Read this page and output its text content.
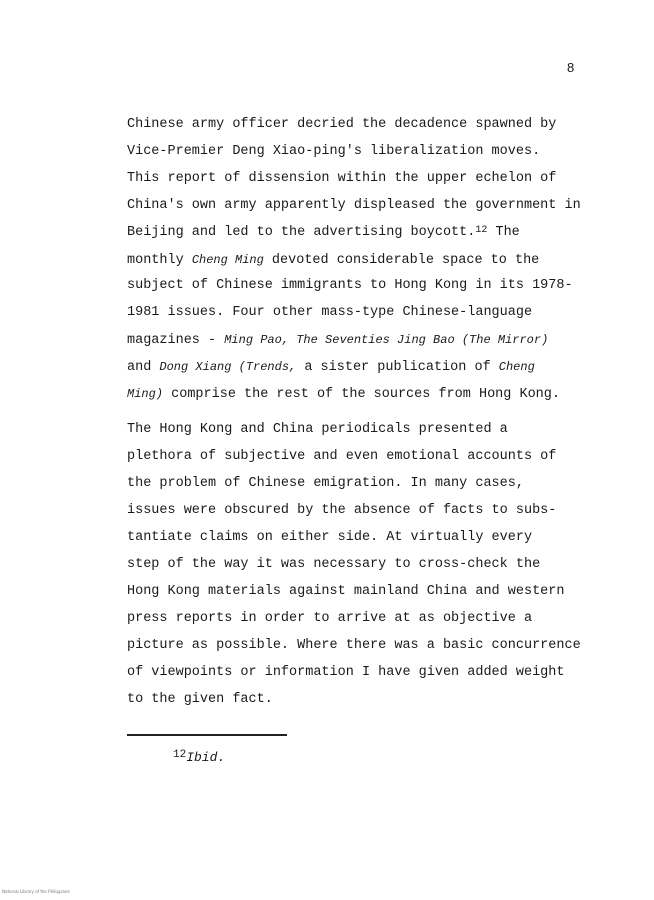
8
Chinese army officer decried the decadence spawned by
Vice-Premier Deng Xiao-ping's liberalization moves.
This report of dissension within the upper echelon of
China's own army apparently displeased the government in
Beijing and led to the advertising boycott.$^{12}$ The
monthly Cheng Ming devoted considerable space to the
subject of Chinese immigrants to Hong Kong in its 1978-
1981 issues. Four other mass-type Chinese-language
magazines - Ming Pao, The Seventies Jing Bao (The Mirror)
and Dong Xiang (Trends, a sister publication of Cheng
Ming) comprise the rest of the sources from Hong Kong.
The Hong Kong and China periodicals presented a
plethora of subjective and even emotional accounts of
the problem of Chinese emigration. In many cases,
issues were obscured by the absence of facts to subs-
tantiate claims on either side. At virtually every
step of the way it was necessary to cross-check the
Hong Kong materials against mainland China and western
press reports in order to arrive at as objective a
picture as possible. Where there was a basic concurrence
of viewpoints or information I have given added weight
to the given fact.
$^{12}$Ibid.
National Library of the Philippines
